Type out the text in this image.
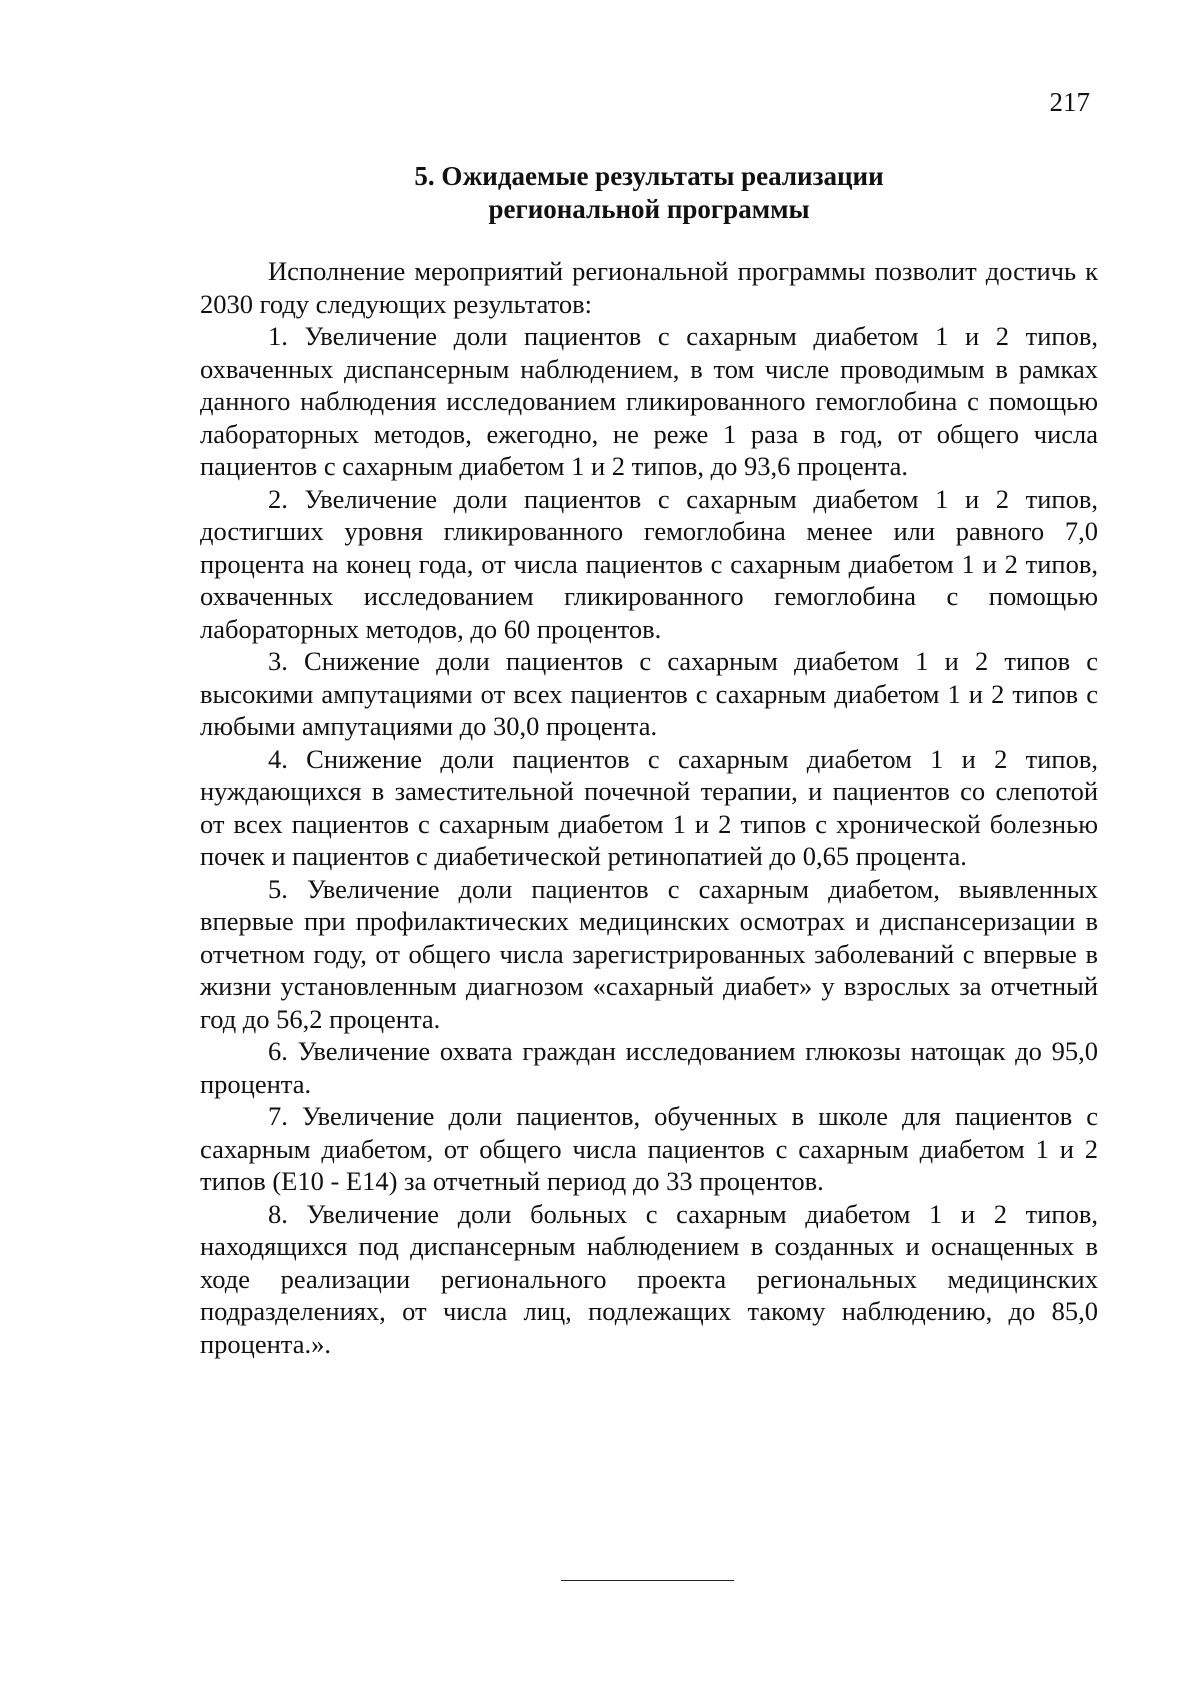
217
5. Ожидаемые результаты реализации
региональной программы

Исполнение мероприятий региональной программы позволит достичь к 2030 году следующих результатов:

1. Увеличение доли пациентов с сахарным диабетом 1 и 2 типов, охваченных диспансерным наблюдением, в том числе проводимым в рамках данного наблюдения исследованием гликированного гемоглобина с помощью лабораторных методов, ежегодно, не реже 1 раза в год, от общего числа пациентов с сахарным диабетом 1 и 2 типов, до 93,6 процента.

2. Увеличение доли пациентов с сахарным диабетом 1 и 2 типов, достигших уровня гликированного гемоглобина менее или равного 7,0 процента на конец года, от числа пациентов с сахарным диабетом 1 и 2 типов, охваченных исследованием гликированного гемоглобина с помощью лабораторных методов, до 60 процентов.

3. Снижение доли пациентов с сахарным диабетом 1 и 2 типов с высокими ампутациями от всех пациентов с сахарным диабетом 1 и 2 типов с любыми ампутациями до 30,0 процента.

4. Снижение доли пациентов с сахарным диабетом 1 и 2 типов, нуждающихся в заместительной почечной терапии, и пациентов со слепотой от всех пациентов с сахарным диабетом 1 и 2 типов с хронической болезнью почек и пациентов с диабетической ретинопатией до 0,65 процента.

5. Увеличение доли пациентов с сахарным диабетом, выявленных впервые при профилактических медицинских осмотрах и диспансеризации в отчетном году, от общего числа зарегистрированных заболеваний с впервые в жизни установленным диагнозом «сахарный диабет» у взрослых за отчетный год до 56,2 процента.

6. Увеличение охвата граждан исследованием глюкозы натощак до 95,0 процента.

7. Увеличение доли пациентов, обученных в школе для пациентов с сахарным диабетом, от общего числа пациентов с сахарным диабетом 1 и 2 типов (Е10 - Е14) за отчетный период до 33 процентов.

8. Увеличение доли больных с сахарным диабетом 1 и 2 типов, находящихся под диспансерным наблюдением в созданных и оснащенных в ходе реализации регионального проекта региональных медицинских подразделениях, от числа лиц, подлежащих такому наблюдению, до 85,0 процента.».
